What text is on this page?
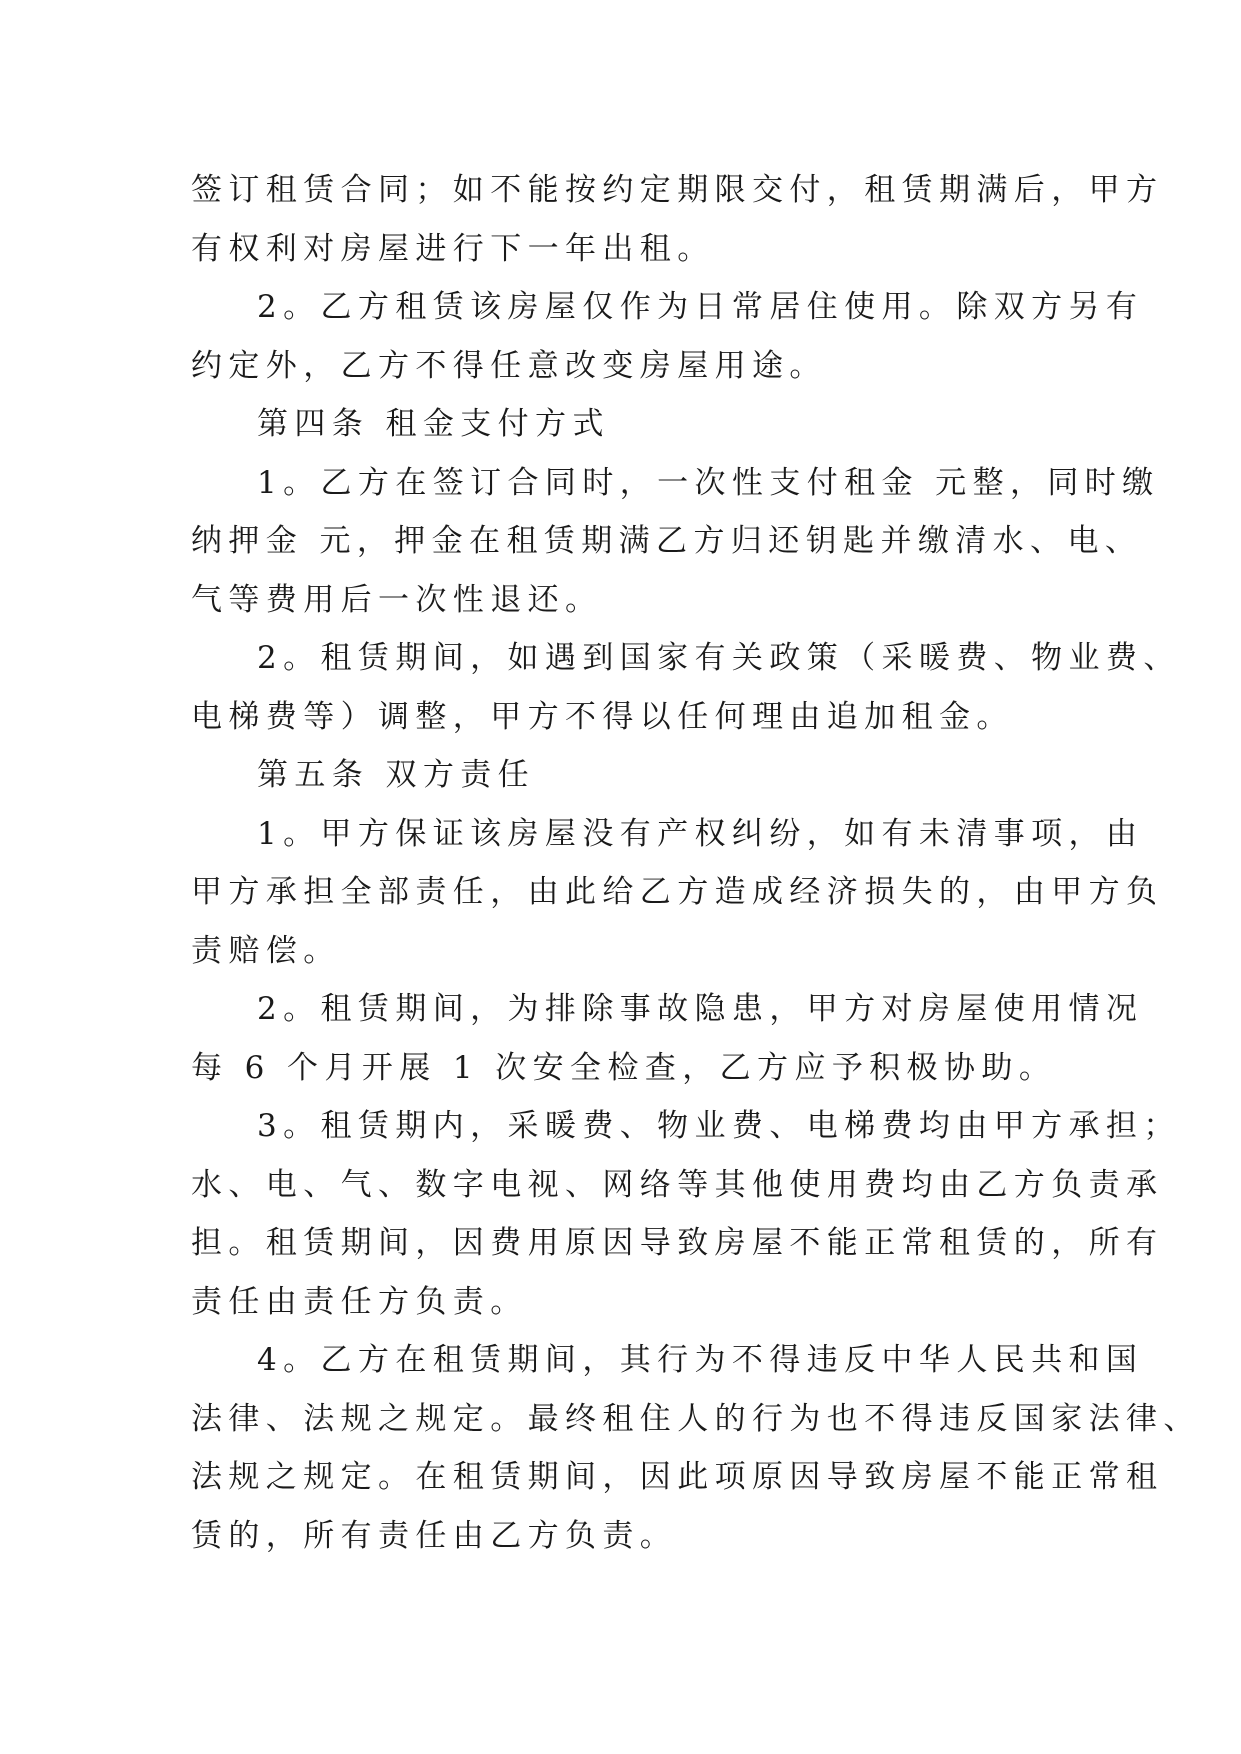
签订租赁合同；如不能按约定期限交付，租赁期满后，甲方
有权利对房屋进行下一年出租。
2。乙方租赁该房屋仅作为日常居住使用。除双方另有
约定外，乙方不得任意改变房屋用途。
第四条 租金支付方式
1。乙方在签订合同时，一次性支付租金 元整，同时缴
纳押金 元，押金在租赁期满乙方归还钥匙并缴清水、电、
气等费用后一次性退还。
2。租赁期间，如遇到国家有关政策（采暖费、物业费、
电梯费等）调整，甲方不得以任何理由追加租金。
第五条 双方责任
1。甲方保证该房屋没有产权纠纷，如有未清事项，由
甲方承担全部责任，由此给乙方造成经济损失的，由甲方负
责赔偿。
2。租赁期间，为排除事故隐患，甲方对房屋使用情况
每 6 个月开展 1 次安全检查，乙方应予积极协助。
3。租赁期内，采暖费、物业费、电梯费均由甲方承担；
水、电、气、数字电视、网络等其他使用费均由乙方负责承
担。租赁期间，因费用原因导致房屋不能正常租赁的，所有
责任由责任方负责。
4。乙方在租赁期间，其行为不得违反中华人民共和国
法律、法规之规定。最终租住人的行为也不得违反国家法律、
法规之规定。在租赁期间，因此项原因导致房屋不能正常租
赁的，所有责任由乙方负责。
